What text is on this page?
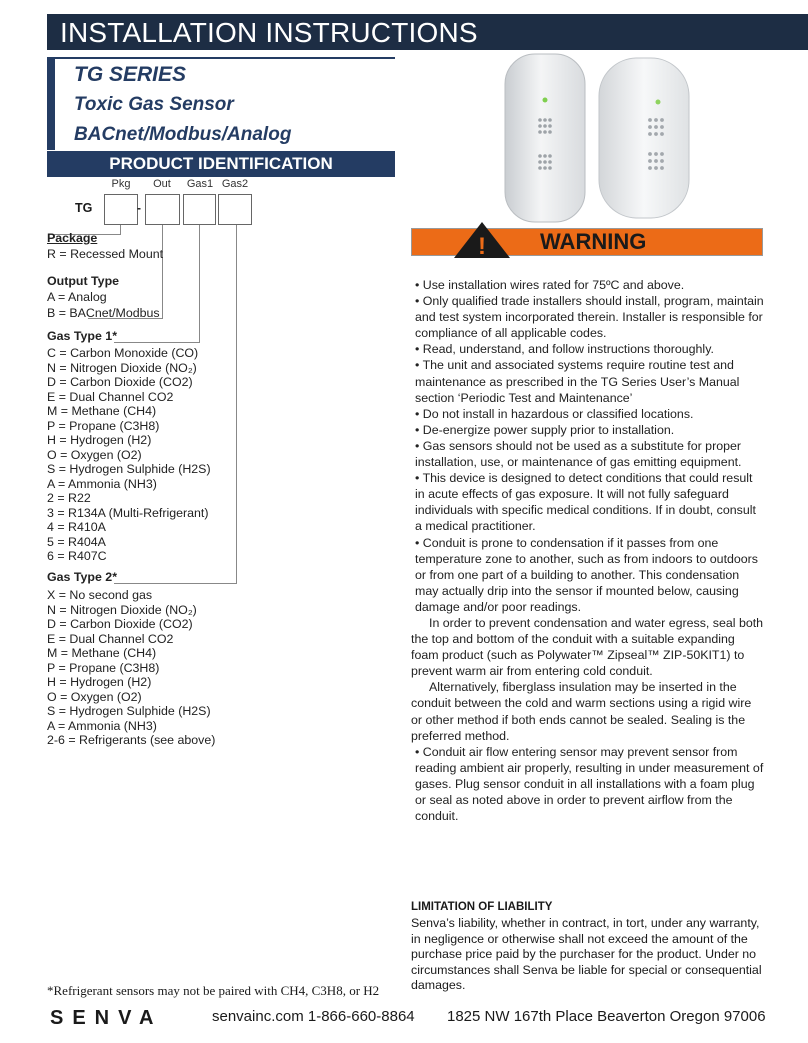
INSTALLATION INSTRUCTIONS
TG SERIES
Toxic Gas Sensor
BACnet/Modbus/Analog
PRODUCT IDENTIFICATION
Pkg	Out	Gas1 Gas2
TG	-
Package
R = Recessed Mount
Output Type
A = Analog
B = BACnet/Modbus
Gas Type 1*
C = Carbon Monoxide (CO)
N = Nitrogen Dioxide (NO₂)
D = Carbon Dioxide (CO2)
E = Dual Channel CO2
M = Methane (CH4)
P = Propane (C3H8)
H = Hydrogen (H2)
O = Oxygen (O2)
S = Hydrogen Sulphide (H2S)
A = Ammonia (NH3)
2 = R22
3 = R134A (Multi-Refrigerant)
4 = R410A
5 = R404A
6 = R407C
Gas Type 2*
X = No second gas
N = Nitrogen Dioxide (NO₂)
D = Carbon Dioxide (CO2)
E = Dual Channel CO2
M = Methane (CH4)
P = Propane (C3H8)
H = Hydrogen (H2)
O = Oxygen (O2)
S = Hydrogen Sulphide (H2S)
A = Ammonia (NH3)
2-6 = Refrigerants (see above)
! WARNING

• Use installation wires rated for 75ºC and above.

• Only qualified trade installers should install, program, maintain and test system incorporated therein. Installer is responsible for compliance of all applicable codes.

• Read, understand, and follow instructions thoroughly.

• The unit and associated systems require routine test and maintenance as prescribed in the TG Series User’s Manual section ‘Periodic Test and Maintenance’

• Do not install in hazardous or classified locations.

• De-energize power supply prior to installation.

• Gas sensors should not be used as a substitute for proper installation, use, or maintenance of gas emitting equipment.

• This device is designed to detect conditions that could result in acute effects of gas exposure. It will not fully safeguard individuals with specific medical conditions. If in doubt, consult a medical practitioner.

• Conduit is prone to condensation if it passes from one temperature zone to another, such as from indoors to outdoors or from one part of a building to another. This condensation may actually drip into the sensor if mounted below, causing damage and/or poor readings.

In order to prevent condensation and water egress, seal both the top and bottom of the conduit with a suitable expanding foam product (such as Polywater™ Zipseal™ ZIP-50KIT1) to prevent warm air from entering cold conduit.

Alternatively, fiberglass insulation may be inserted in the conduit between the cold and warm sections using a rigid wire or other method if both ends cannot be sealed. Sealing is the preferred method.

• Conduit air flow entering sensor may prevent sensor from reading ambient air properly, resulting in under measurement of gases. Plug sensor conduit in all installations with a foam plug or seal as noted above in order to prevent airflow from the conduit.

LIMITATION OF LIABILITY
Senva’s liability, whether in contract, in tort, under any warranty, in negligence or otherwise shall not exceed the amount of the purchase price paid by the purchaser for the product. Under no circumstances shall Senva be liable for special or consequential damages.
*Refrigerant sensors may not be paired with CH4, C3H8, or H2
SENVA	senvainc.com 1-866-660-8864 1825 NW 167th Place Beaverton Oregon 97006
